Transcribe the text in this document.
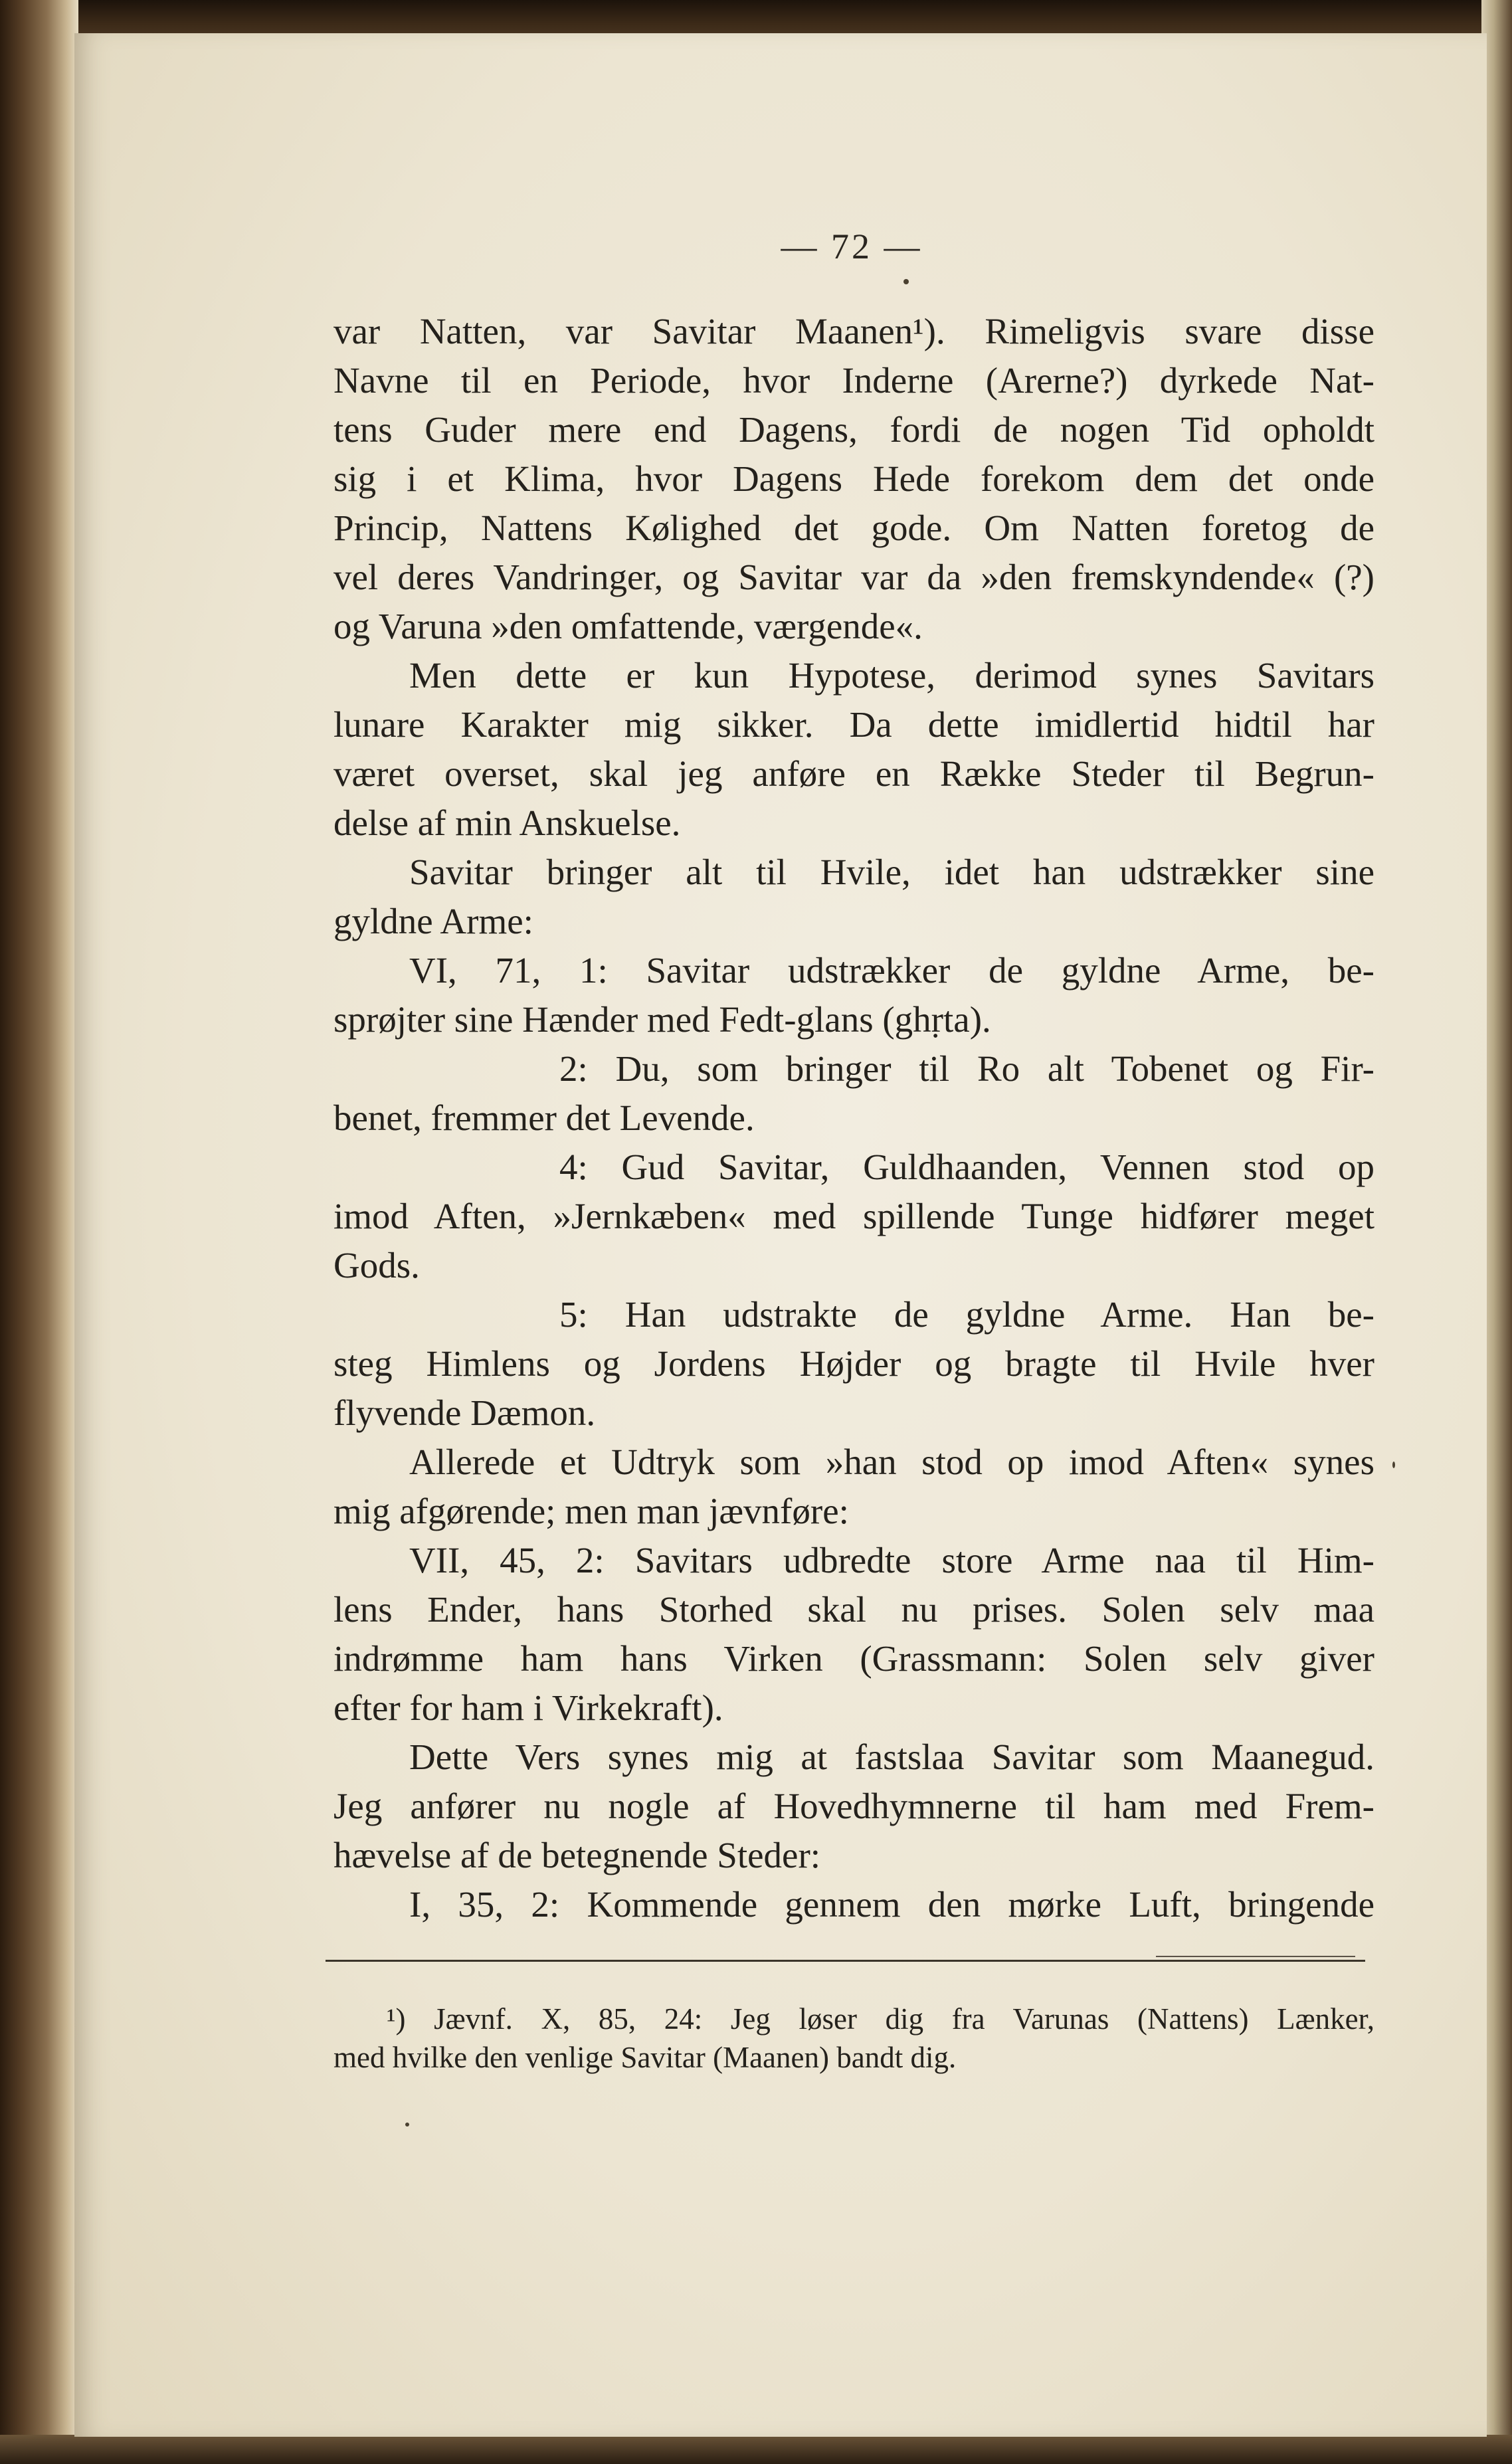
— 72 —
var Natten, var Savitar Maanen¹). Rimeligvis svare disse
Navne til en Periode, hvor Inderne (Arerne?) dyrkede Nat-
tens Guder mere end Dagens, fordi de nogen Tid opholdt
sig i et Klima, hvor Dagens Hede forekom dem det onde
Princip, Nattens Kølighed det gode. Om Natten foretog de
vel deres Vandringer, og Savitar var da »den fremskyndende« (?)
og Varuna »den omfattende, værgende«.
Men dette er kun Hypotese, derimod synes Savitars
lunare Karakter mig sikker. Da dette imidlertid hidtil har
været overset, skal jeg anføre en Række Steder til Begrun-
delse af min Anskuelse.
Savitar bringer alt til Hvile, idet han udstrækker sine
gyldne Arme:
VI, 71, 1: Savitar udstrækker de gyldne Arme, be-
sprøjter sine Hænder med Fedt-glans (ghṛta).
2: Du, som bringer til Ro alt Tobenet og Fir-
benet, fremmer det Levende.
4: Gud Savitar, Guldhaanden, Vennen stod op
imod Aften, »Jernkæben« med spillende Tunge hidfører meget
Gods.
5: Han udstrakte de gyldne Arme. Han be-
steg Himlens og Jordens Højder og bragte til Hvile hver
flyvende Dæmon.
Allerede et Udtryk som »han stod op imod Aften« synes
mig afgørende; men man jævnføre:
VII, 45, 2: Savitars udbredte store Arme naa til Him-
lens Ender, hans Storhed skal nu prises. Solen selv maa
indrømme ham hans Virken (Grassmann: Solen selv giver
efter for ham i Virkekraft).
Dette Vers synes mig at fastslaa Savitar som Maanegud.
Jeg anfører nu nogle af Hovedhymnerne til ham med Frem-
hævelse af de betegnende Steder:
I, 35, 2: Kommende gennem den mørke Luft, bringende
¹) Jævnf. X, 85, 24: Jeg løser dig fra Varunas (Nattens) Lænker,
med hvilke den venlige Savitar (Maanen) bandt dig.
